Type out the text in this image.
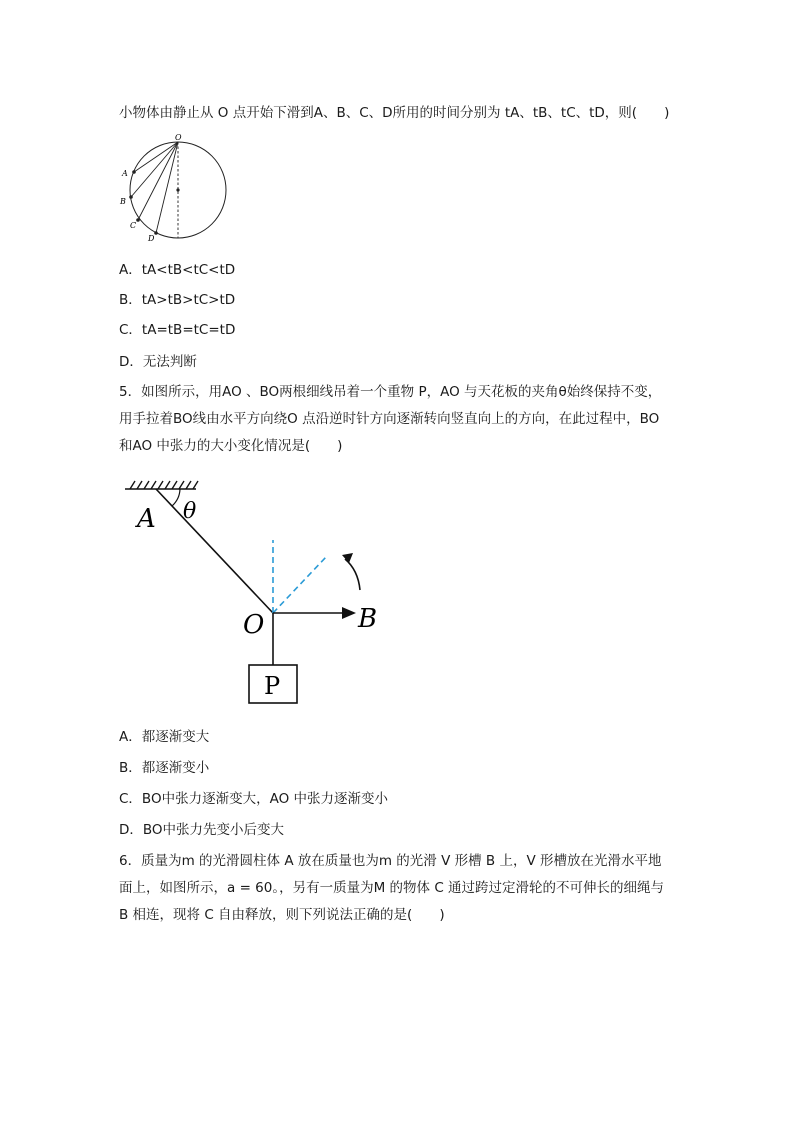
小物体由静止从 O 点开始下滑到A、B、C、D所用的时间分别为 tA、tB、tC、tD，则(　　)
O
A
B
C
D
A．tA<tB<tC<tD
B．tA>tB>tC>tD
C．tA=tB=tC=tD
D．无法判断
5．如图所示，用AO 、BO两根细线吊着一个重物 P，AO 与天花板的夹角θ始终保持不变，
用手拉着BO线由水平方向绕O 点沿逆时针方向逐渐转向竖直向上的方向，在此过程中，BO
和AO 中张力的大小变化情况是(　　)
A θ
O	B
P
A．都逐渐变大
B．都逐渐变小
C．BO中张力逐渐变大，AO 中张力逐渐变小
D．BO中张力先变小后变大
6．质量为m 的光滑圆柱体 A 放在质量也为m 的光滑 V 形槽 B 上，V 形槽放在光滑水平地
面上，如图所示，a = 60。，另有一质量为M 的物体 C 通过跨过定滑轮的不可伸长的细绳与
B 相连，现将 C 自由释放，则下列说法正确的是(　　)
